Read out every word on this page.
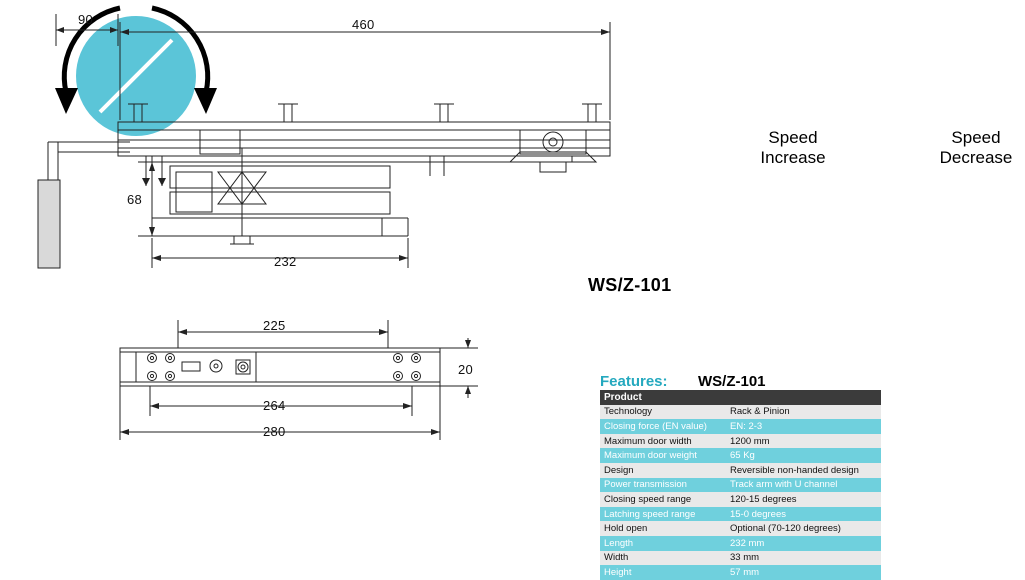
90	460
68
232
225
20
264
280
Speed
Increase
Speed
Decrease
WS/Z-101
Features:	WS/Z-101
Product	
Technology	Rack & Pinion
Closing force (EN value)	EN: 2-3
Maximum door width	1200 mm
Maximum door weight	65 Kg
Design	Reversible non-handed design
Power transmission	Track arm with U channel
Closing speed range	120-15 degrees
Latching speed range	15-0 degrees
Hold open	Optional (70-120 degrees)
Length	232 mm
Width	33 mm
Height	57 mm
